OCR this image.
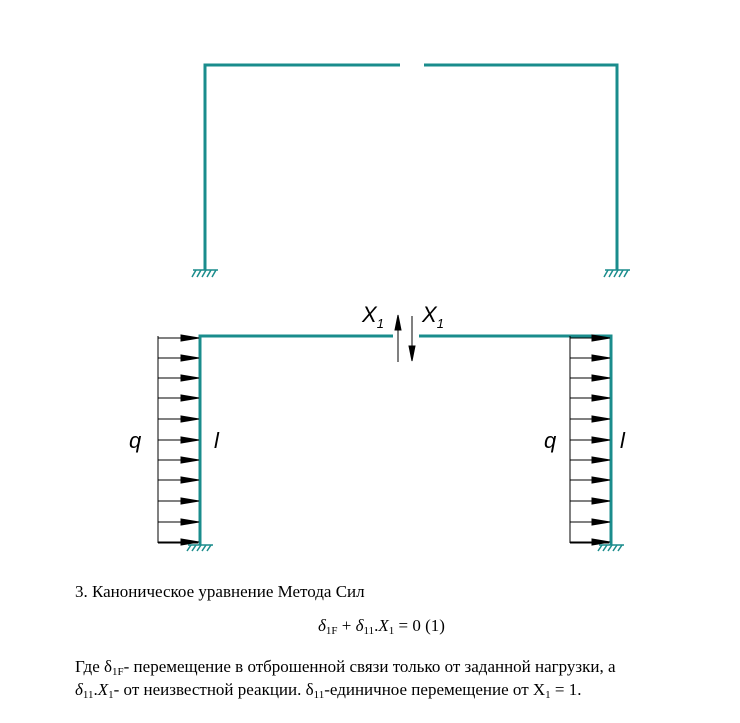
$X_1$ $X_1$
q	l	q	l
3. Каноническое уравнение Метода Сил
$\delta_{1F} + \delta_{11}.X_1 = 0$ (1)
Где $\delta_{1F}-$ перемещение в отброшенной связи только от заданной нагрузки, а
$\delta_{11}.X_1-$ от неизвестной реакции. $\delta_{11}$-единичное перемещение от $X_1 = 1$.
